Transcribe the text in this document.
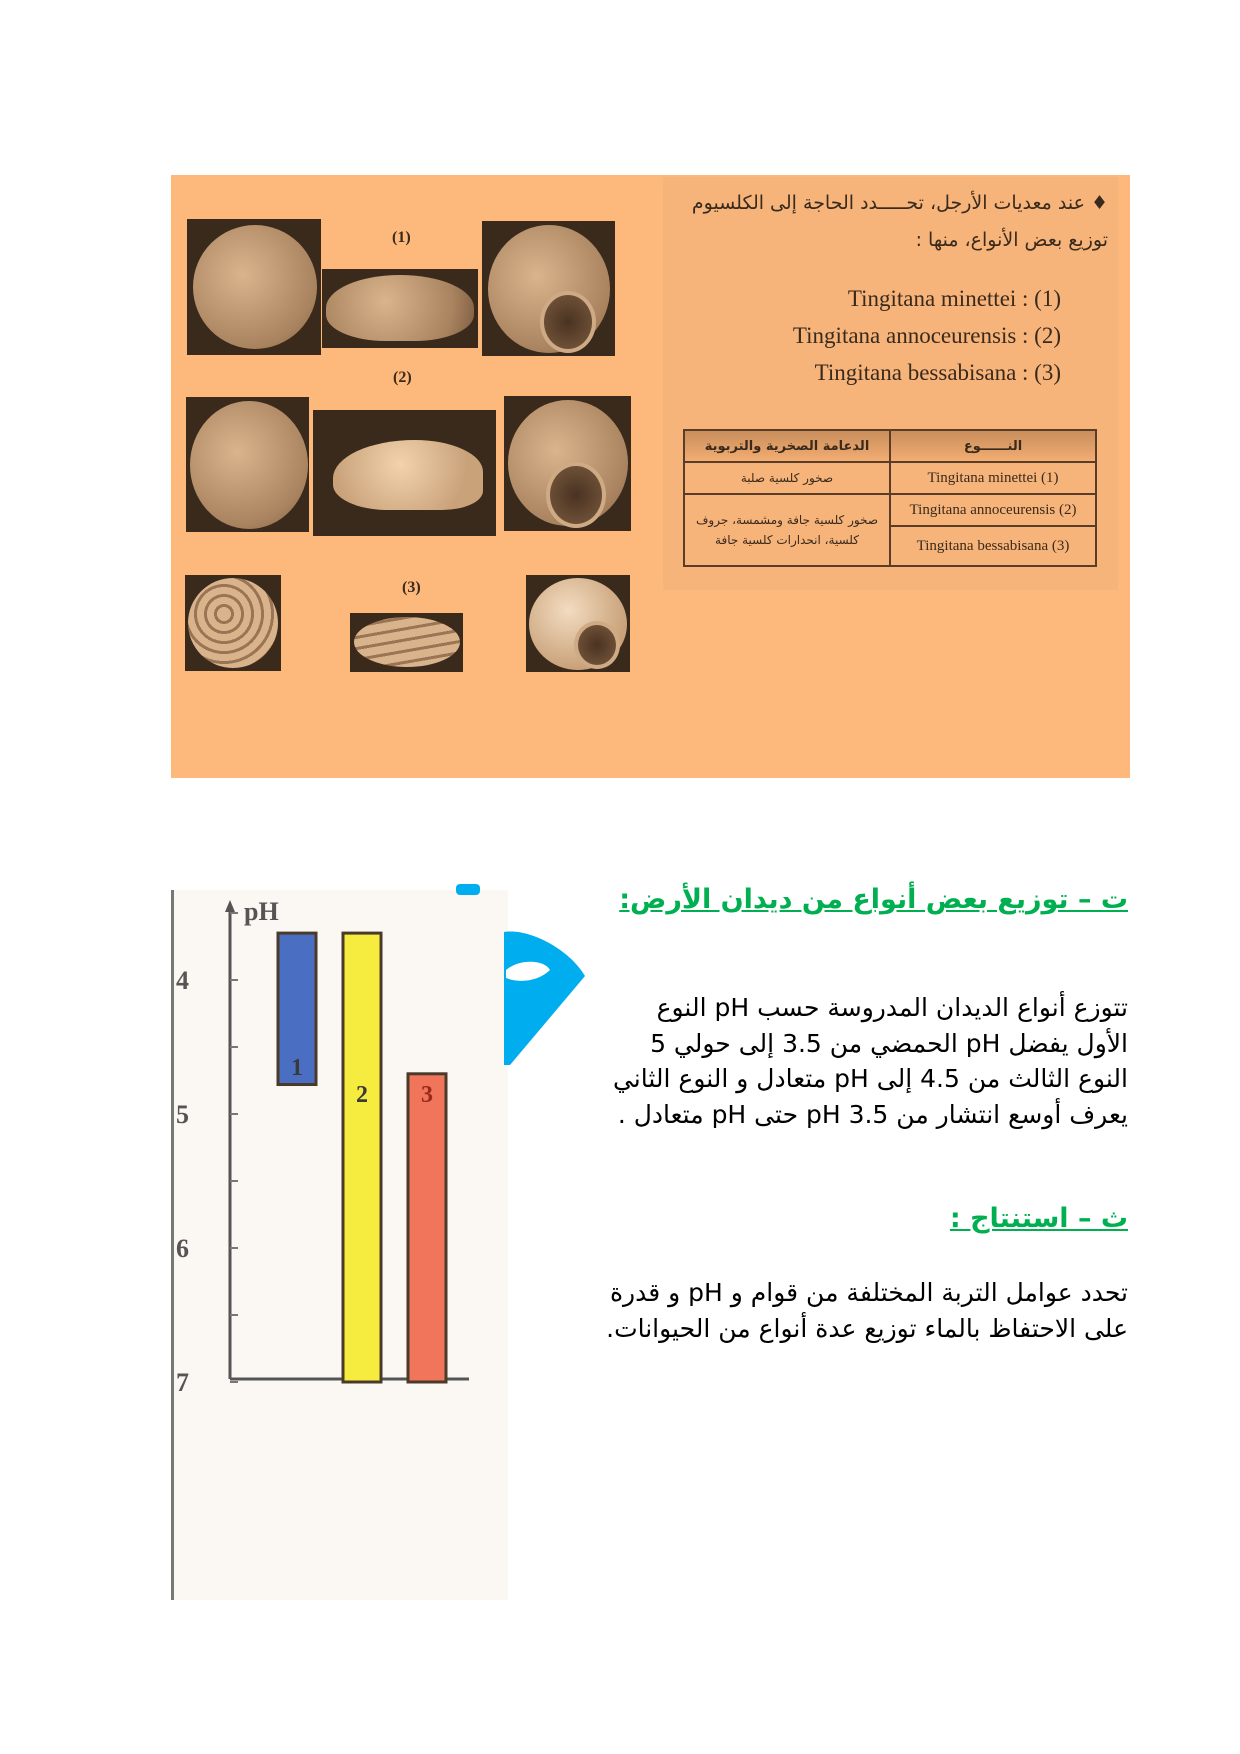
(1)
(2)
(3)
♦ عند معديات الأرجل، تحـــــدد الحاجة إلى الكلسيوم
توزيع بعض الأنواع، منها :
Tingitana minettei : (1)
Tingitana annoceurensis : (2)
Tingitana bessabisana : (3)
الدعامة الصخرية والتربوية	النــــــوع
صخور كلسية صلبة	Tingitana minettei (1)
صخور كلسية جافة ومشمسة، جروف كلسية، انحدارات كلسية جافة	Tingitana annoceurensis (2)
	Tingitana bessabisana (3)
pH
4
5
6
7
1
2 3
ت – توزيع بعض أنواع من ديدان الأرض:
تتوزع أنواع الديدان المدروسة حسب pH النوع
الأول يفضل pH الحمضي من 3.5 إلى حولي 5
النوع الثالث من 4.5 إلى pH متعادل و النوع الثاني
يعرف أوسع انتشار من pH 3.5 حتى pH متعادل .
ث – استنتاج :
تحدد عوامل التربة المختلفة من قوام و pH و قدرة
على الاحتفاظ بالماء توزيع عدة أنواع من الحيوانات.
